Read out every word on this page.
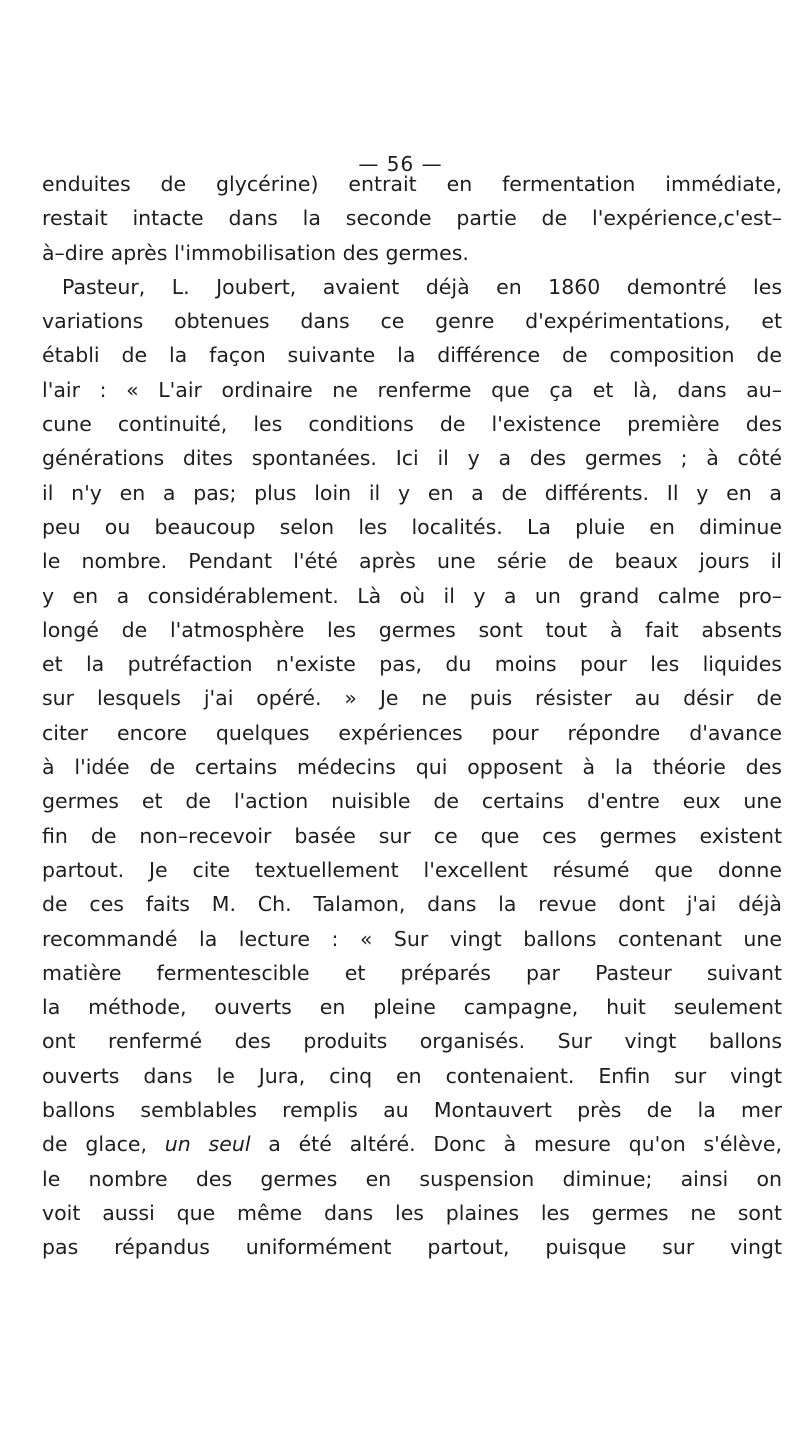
— 56 —
enduites de glycérine) entrait en fermentation immédiate,
restait intacte dans la seconde partie de l'expérience,c'est–
à–dire après l'immobilisation des germes.
Pasteur, L. Joubert, avaient déjà en 1860 demontré les
variations obtenues dans ce genre d'expérimentations, et
établi de la façon suivante la différence de composition de
l'air : « L'air ordinaire ne renferme que ça et là, dans au–
cune continuité, les conditions de l'existence première des
générations dites spontanées. Ici il y a des germes ; à côté
il n'y en a pas; plus loin il y en a de différents. Il y en a
peu ou beaucoup selon les localités. La pluie en diminue
le nombre. Pendant l'été après une série de beaux jours il
y en a considérablement. Là où il y a un grand calme pro–
longé de l'atmosphère les germes sont tout à fait absents
et la putréfaction n'existe pas, du moins pour les liquides
sur lesquels j'ai opéré. » Je ne puis résister au désir de
citer encore quelques expériences pour répondre d'avance
à l'idée de certains médecins qui opposent à la théorie des
germes et de l'action nuisible de certains d'entre eux une
fin de non–recevoir basée sur ce que ces germes existent
partout. Je cite textuellement l'excellent résumé que donne
de ces faits M. Ch. Talamon, dans la revue dont j'ai déjà
recommandé la lecture : « Sur vingt ballons contenant une
matière fermentescible et préparés par Pasteur suivant
la méthode, ouverts en pleine campagne, huit seulement
ont renfermé des produits organisés. Sur vingt ballons
ouverts dans le Jura, cinq en contenaient. Enfin sur vingt
ballons semblables remplis au Montauvert près de la mer
de glace, un seul a été altéré. Donc à mesure qu'on s'élève,
le nombre des germes en suspension diminue; ainsi on
voit aussi que même dans les plaines les germes ne sont
pas répandus uniformément partout, puisque sur vingt
